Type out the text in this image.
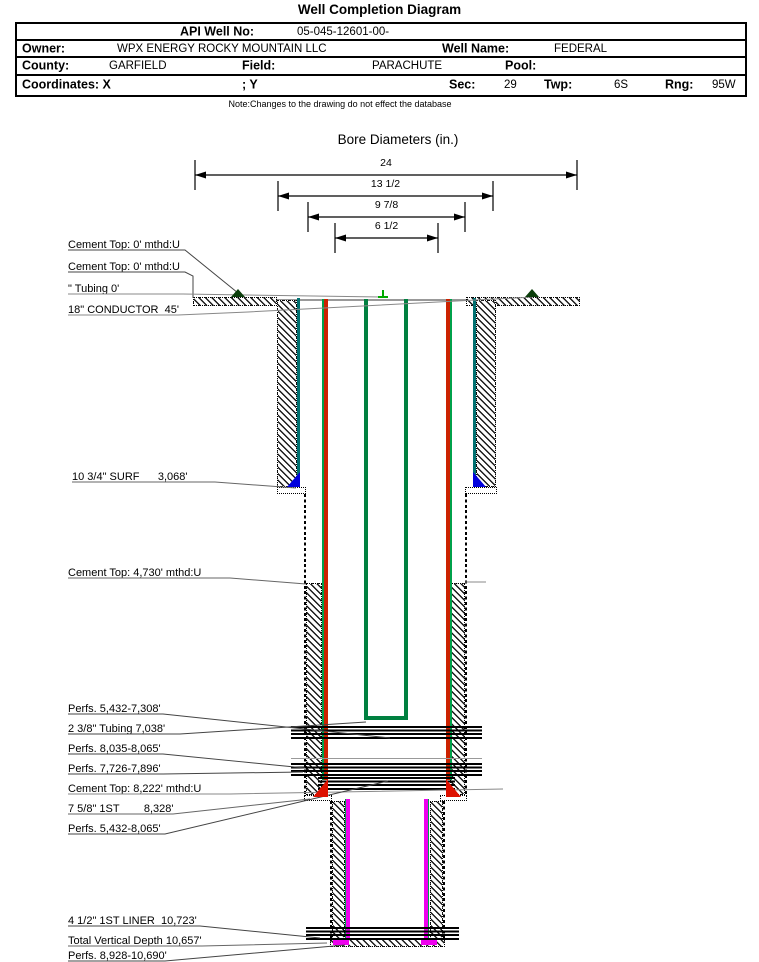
Well Completion Diagram
API Well No:	05-045-12601-00-
Owner:	WPX ENERGY ROCKY MOUNTAIN LLC	Well Name:	FEDERAL
County:	GARFIELD	Field:	PARACHUTE	Pool:
Coordinates: X	; Y	Sec: 29 Twp:	6S	Rng: 95W
Note:Changes to the drawing do not effect the database
Bore Diameters (in.)
24
13 1/2
9 7/8
6 1/2
Cement Top: 0' mthd:U
Cement Top: 0' mthd:U
" Tubing 0'
18" CONDUCTOR  45'
10 3/4" SURF      3,068'
Cement Top: 4,730' mthd:U
Perfs. 5,432-7,308'
2 3/8" Tubing 7,038'
Perfs. 8,035-8,065'
Perfs. 7,726-7,896'
Cement Top: 8,222' mthd:U
7 5/8" 1ST        8,328'
Perfs. 5,432-8,065'
4 1/2" 1ST LINER  10,723'
Total Vertical Depth 10,657'
Perfs. 8,928-10,690'
